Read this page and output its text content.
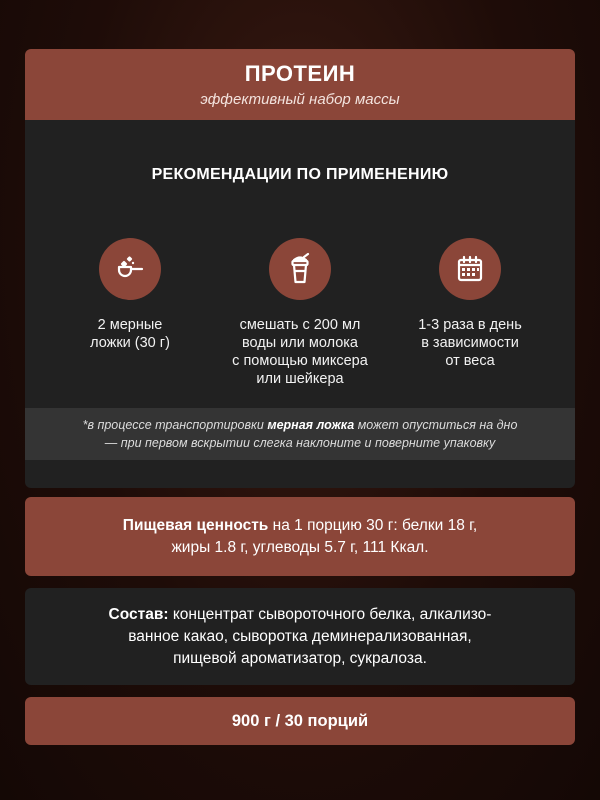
ПРОТЕИН
эффективный набор массы
РЕКОМЕНДАЦИИ ПО ПРИМЕНЕНИЮ
2 мерные
ложки (30 г)
смешать с 200 мл
воды или молока
с помощью миксера
или шейкера
1-3 раза в день
в зависимости
от веса
*в процессе транспортировки мерная ложка может опуститься на дно
— при первом вскрытии слегка наклоните и поверните упаковку
Пищевая ценность на 1 порцию 30 г: белки 18 г,
жиры 1.8 г, углеводы 5.7 г, 111 Ккал.
Состав: концентрат сывороточного белка, алкализо-
ванное какао, сыворотка деминерализованная,
пищевой ароматизатор, сукралоза.
900 г / 30 порций
